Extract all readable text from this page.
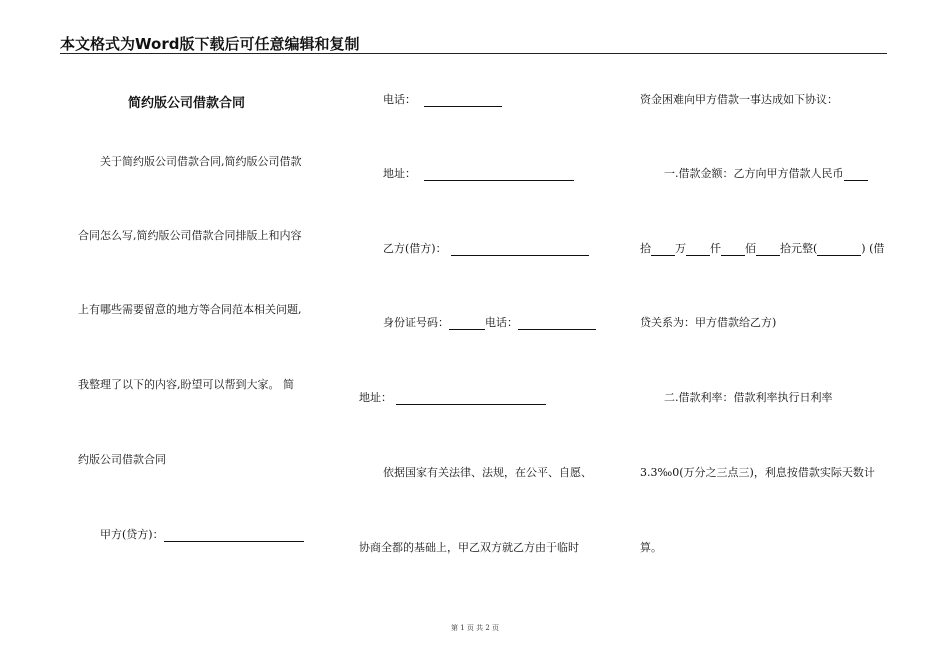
本文格式为Word版下载后可任意编辑和复制
简约版公司借款合同
关于简约版公司借款合同,简约版公司借款
合同怎么写,简约版公司借款合同排版上和内容
上有哪些需要留意的地方等合同范本相关问题,
我整理了以下的内容,盼望可以帮到大家。 简
约版公司借款合同
甲方(贷方)：
电话：
地址：
乙方(借方)：
身份证号码：	电话：
地址：
依据国家有关法律、法规，在公平、自愿、
协商全都的基础上，甲乙双方就乙方由于临时
资金困难向甲方借款一事达成如下协议：
一.借款金额：乙方向甲方借款人民币
拾 万 仟 佰 拾元整(	) (借
贷关系为：甲方借款给乙方)
二.借款利率：借款利率执行日利率
3.3‰0(万分之三点三)，利息按借款实际天数计
算。
第 1 页 共 2 页
